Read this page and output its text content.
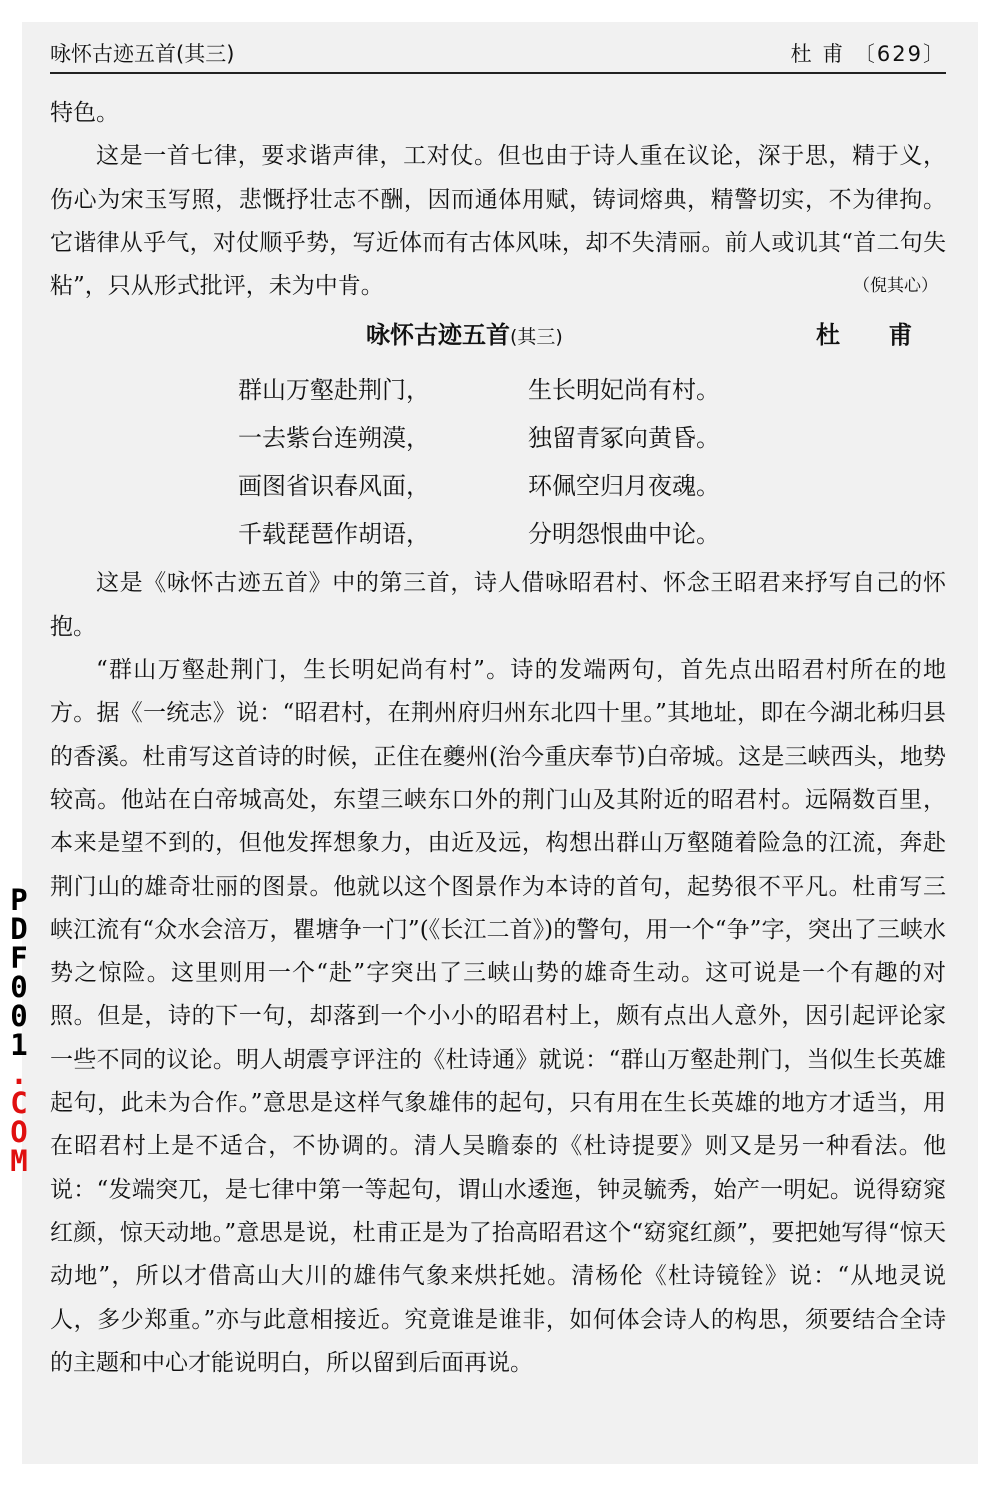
咏怀古迹五首(其三)	杜 甫 〔629〕

特色。

这是一首七律，要求谐声律，工对仗。但也由于诗人重在议论，深于思，精于义，伤心为宋玉写照，悲慨抒壮志不酬，因而通体用赋，铸词熔典，精警切实，不为律拘。它谐律从乎气，对仗顺乎势，写近体而有古体风味，却不失清丽。前人或讥其“首二句失粘”，只从形式批评，未为中肯。	（倪其心）

咏怀古迹五首(其三)	杜 甫
群山万壑赴荆门，	生长明妃尚有村。
一去紫台连朔漠，	独留青冢向黄昏。
画图省识春风面，	环佩空归月夜魂。
千载琵琶作胡语，	分明怨恨曲中论。

这是《咏怀古迹五首》中的第三首，诗人借咏昭君村、怀念王昭君来抒写自己的怀抱。

“群山万壑赴荆门，生长明妃尚有村”。诗的发端两句，首先点出昭君村所在的地方。据《一统志》说：“昭君村，在荆州府归州东北四十里。”其地址，即在今湖北秭归县的香溪。杜甫写这首诗的时候，正住在夔州(治今重庆奉节)白帝城。这是三峡西头，地势较高。他站在白帝城高处，东望三峡东口外的荆门山及其附近的昭君村。远隔数百里，本来是望不到的，但他发挥想象力，由近及远，构想出群山万壑随着险急的江流，奔赴荆门山的雄奇壮丽的图景。他就以这个图景作为本诗的首句，起势很不平凡。杜甫写三峡江流有“众水会涪万，瞿塘争一门”(《长江二首》)的警句，用一个“争”字，突出了三峡水势之惊险。这里则用一个“赴”字突出了三峡山势的雄奇生动。这可说是一个有趣的对照。但是，诗的下一句，却落到一个小小的昭君村上，颇有点出人意外，因引起评论家一些不同的议论。明人胡震亨评注的《杜诗通》就说：“群山万壑赴荆门，当似生长英雄起句，此未为合作。”意思是这样气象雄伟的起句，只有用在生长英雄的地方才适当，用在昭君村上是不适合，不协调的。清人吴瞻泰的《杜诗提要》则又是另一种看法。他说：“发端突兀，是七律中第一等起句，谓山水逶迤，钟灵毓秀，始产一明妃。说得窈窕红颜，惊天动地。”意思是说，杜甫正是为了抬高昭君这个“窈窕红颜”，要把她写得“惊天动地”，所以才借高山大川的雄伟气象来烘托她。清杨伦《杜诗镜铨》说：“从地灵说人，多少郑重。”亦与此意相接近。究竟谁是谁非，如何体会诗人的构思，须要结合全诗的主题和中心才能说明白，所以留到后面再说。

P
D
F
0
0
1
.
C
O
M
